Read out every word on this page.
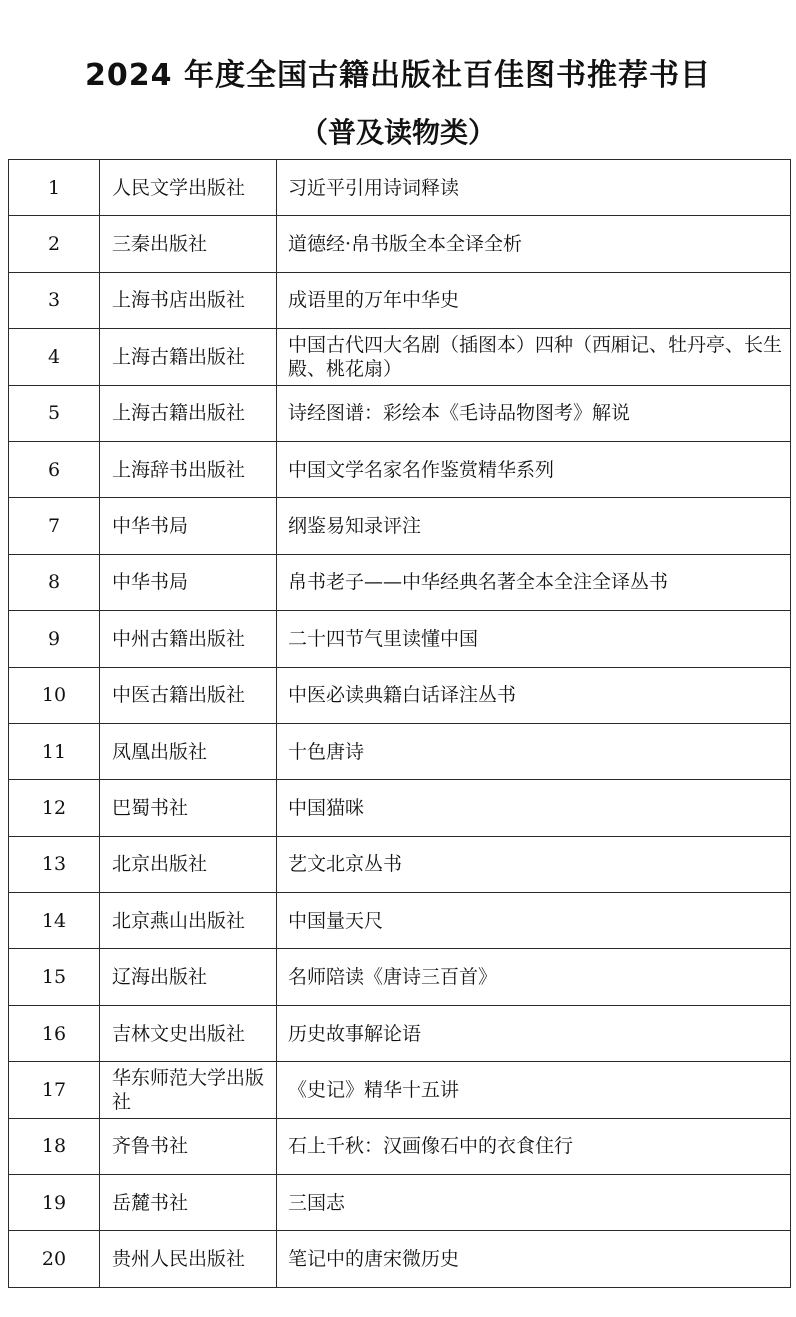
2024 年度全国古籍出版社百佳图书推荐书目
（普及读物类）
1	人民文学出版社	习近平引用诗词释读
2	三秦出版社	道德经·帛书版全本全译全析
3	上海书店出版社	成语里的万年中华史
4	上海古籍出版社	中国古代四大名剧（插图本）四种（西厢记、牡丹亭、长生殿、桃花扇）
5	上海古籍出版社	诗经图谱：彩绘本《毛诗品物图考》解说
6	上海辞书出版社	中国文学名家名作鉴赏精华系列
7	中华书局	纲鉴易知录评注
8	中华书局	帛书老子——中华经典名著全本全注全译丛书
9	中州古籍出版社	二十四节气里读懂中国
10	中医古籍出版社	中医必读典籍白话译注丛书
11	凤凰出版社	十色唐诗
12	巴蜀书社	中国猫咪
13	北京出版社	艺文北京丛书
14	北京燕山出版社	中国量天尺
15	辽海出版社	名师陪读《唐诗三百首》
16	吉林文史出版社	历史故事解论语
17	华东师范大学出版社	《史记》精华十五讲
18	齐鲁书社	石上千秋：汉画像石中的衣食住行
19	岳麓书社	三国志
20	贵州人民出版社	笔记中的唐宋微历史
